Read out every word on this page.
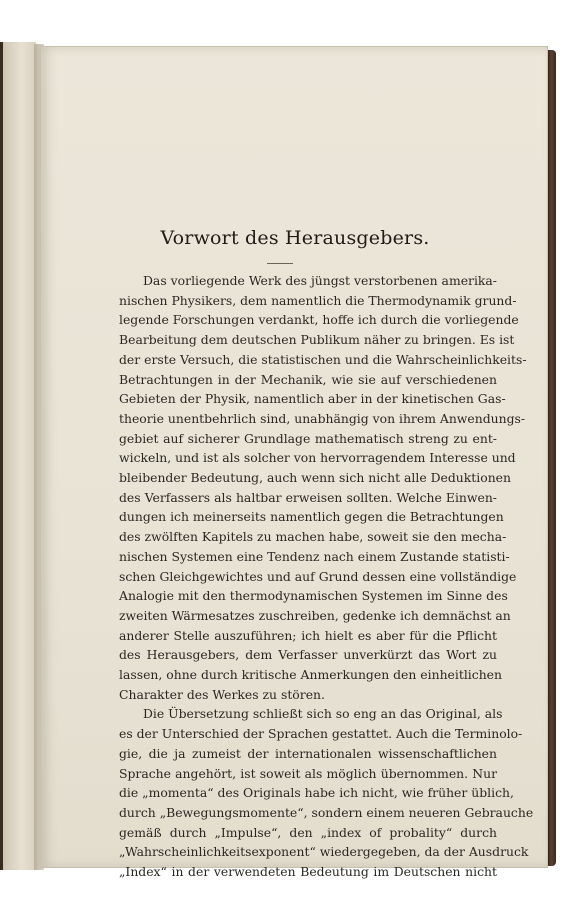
Vorwort des Herausgebers.
Das vorliegende Werk des jüngst verstorbenen amerika-
nischen Physikers, dem namentlich die Thermodynamik grund-
legende Forschungen verdankt, hoffe ich durch die vorliegende
Bearbeitung dem deutschen Publikum näher zu bringen. Es ist
der erste Versuch, die statistischen und die Wahrscheinlichkeits-
Betrachtungen in der Mechanik, wie sie auf verschiedenen
Gebieten der Physik, namentlich aber in der kinetischen Gas-
theorie unentbehrlich sind, unabhängig von ihrem Anwendungs-
gebiet auf sicherer Grundlage mathematisch streng zu ent-
wickeln, und ist als solcher von hervorragendem Interesse und
bleibender Bedeutung, auch wenn sich nicht alle Deduktionen
des Verfassers als haltbar erweisen sollten. Welche Einwen-
dungen ich meinerseits namentlich gegen die Betrachtungen
des zwölften Kapitels zu machen habe, soweit sie den mecha-
nischen Systemen eine Tendenz nach einem Zustande statisti-
schen Gleichgewichtes und auf Grund dessen eine vollständige
Analogie mit den thermodynamischen Systemen im Sinne des
zweiten Wärmesatzes zuschreiben, gedenke ich demnächst an
anderer Stelle auszuführen; ich hielt es aber für die Pflicht
des Herausgebers, dem Verfasser unverkürzt das Wort zu
lassen, ohne durch kritische Anmerkungen den einheitlichen
Charakter des Werkes zu stören.
Die Übersetzung schließt sich so eng an das Original, als
es der Unterschied der Sprachen gestattet. Auch die Terminolo-
gie, die ja zumeist der internationalen wissenschaftlichen
Sprache angehört, ist soweit als möglich übernommen. Nur
die „momenta“ des Originals habe ich nicht, wie früher üblich,
durch „Bewegungsmomente“, sondern einem neueren Gebrauche
gemäß durch „Impulse“, den „index of probality“ durch
„Wahrscheinlichkeitsexponent“ wiedergegeben, da der Ausdruck
„Index“ in der verwendeten Bedeutung im Deutschen nicht
